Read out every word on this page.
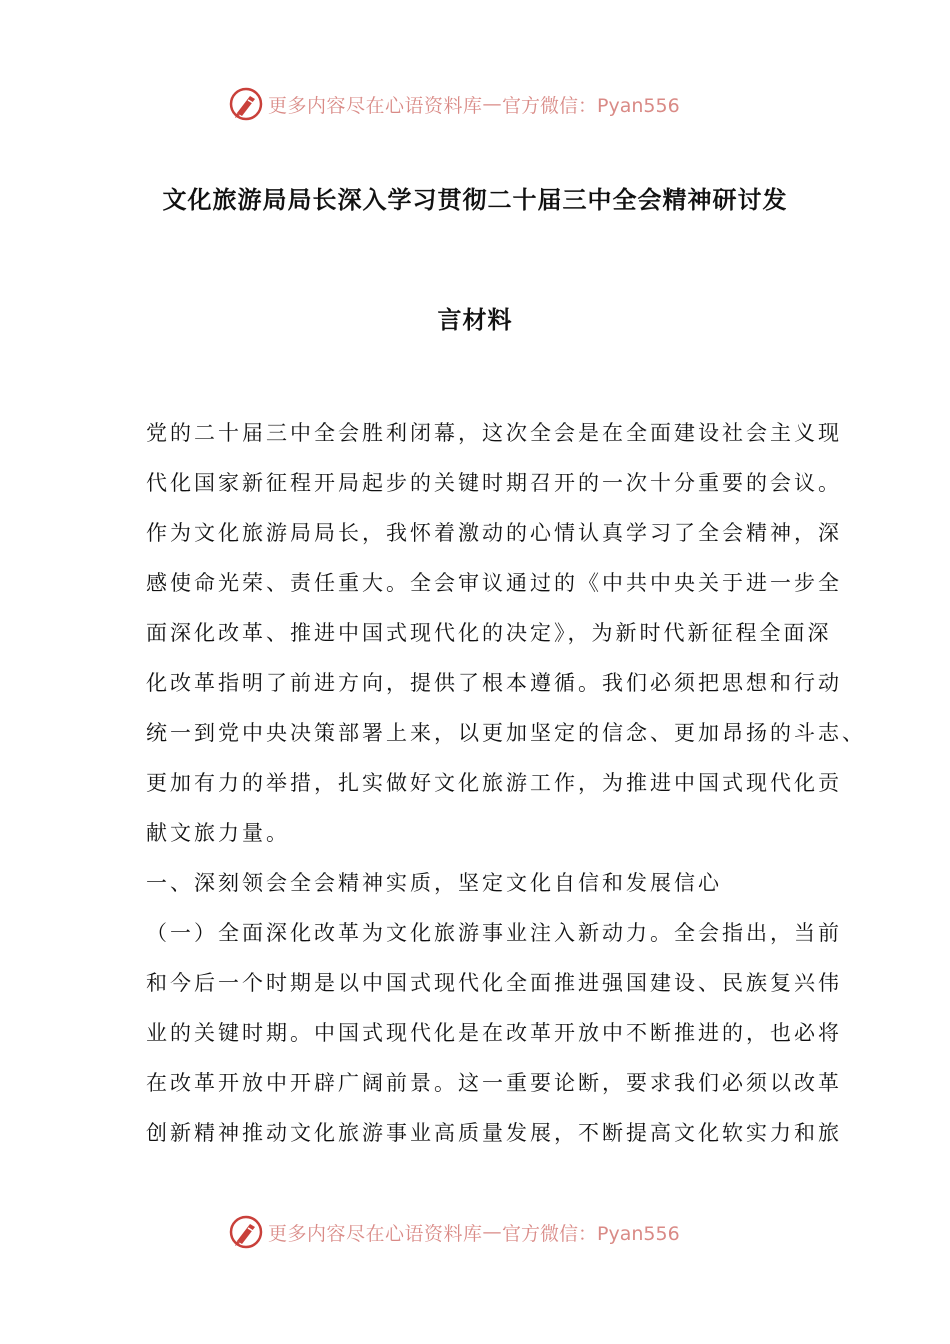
更多内容尽在心语资料库 — 官方微信：Pyan556
文化旅游局局长深入学习贯彻二十届三中全会精神研讨发
言材料
党的二十届三中全会胜利闭幕，这次全会是在全面建设社会主义现
代化国家新征程开局起步的关键时期召开的一次十分重要的会议。
作为文化旅游局局长，我怀着激动的心情认真学习了全会精神，深
感使命光荣、责任重大。全会审议通过的《中共中央关于进一步全
面深化改革、推进中国式现代化的决定》，为新时代新征程全面深
化改革指明了前进方向，提供了根本遵循。我们必须把思想和行动
统一到党中央决策部署上来，以更加坚定的信念、更加昂扬的斗志、
更加有力的举措，扎实做好文化旅游工作，为推进中国式现代化贡
献文旅力量。
一、深刻领会全会精神实质，坚定文化自信和发展信心
（一）全面深化改革为文化旅游事业注入新动力。全会指出，当前
和今后一个时期是以中国式现代化全面推进强国建设、民族复兴伟
业的关键时期。中国式现代化是在改革开放中不断推进的，也必将
在改革开放中开辟广阔前景。这一重要论断，要求我们必须以改革
创新精神推动文化旅游事业高质量发展，不断提高文化软实力和旅
更多内容尽在心语资料库 — 官方微信：Pyan556
